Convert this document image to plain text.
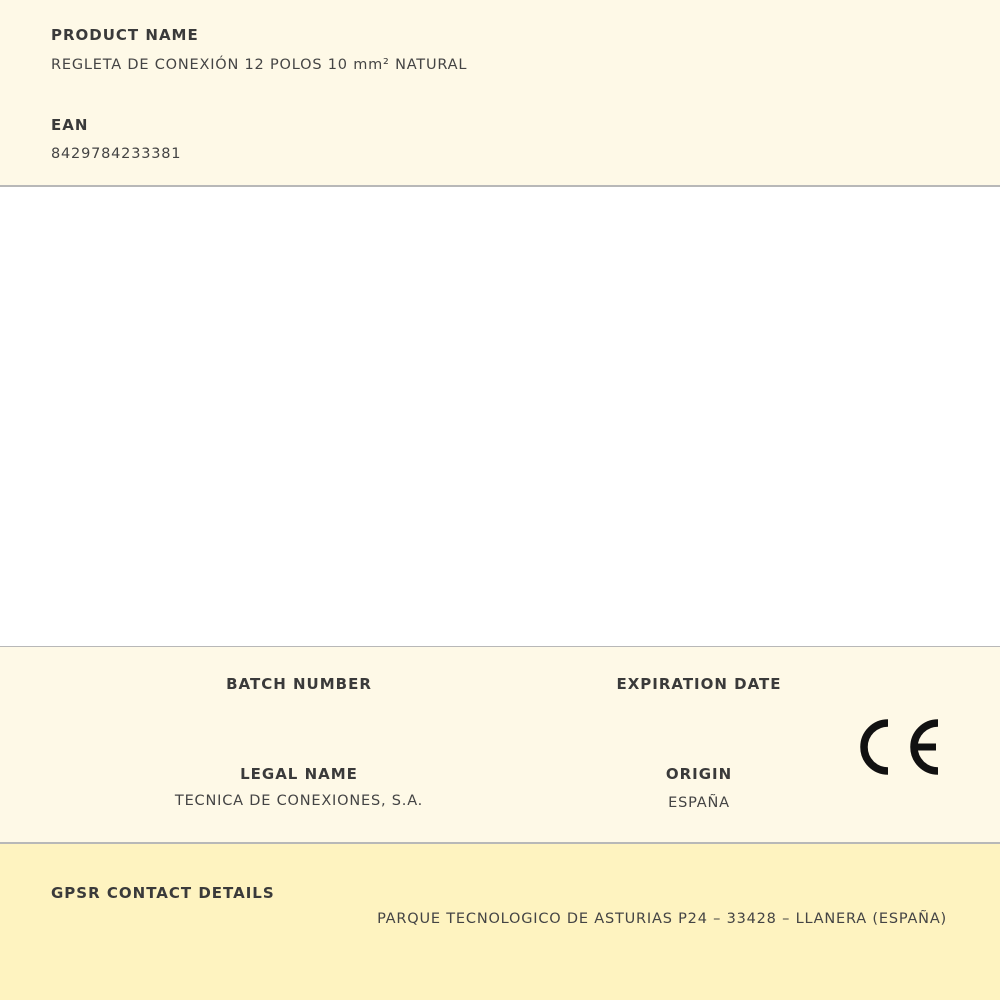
PRODUCT NAME
REGLETA DE CONEXIÓN 12 POLOS 10 mm² NATURAL
EAN
8429784233381
BATCH NUMBER	EXPIRATION DATE
LEGAL NAME
TECNICA DE CONEXIONES, S.A.
ORIGIN
ESPAÑA
GPSR CONTACT DETAILS
PARQUE TECNOLOGICO DE ASTURIAS P24 – 33428 – LLANERA (ESPAÑA)
